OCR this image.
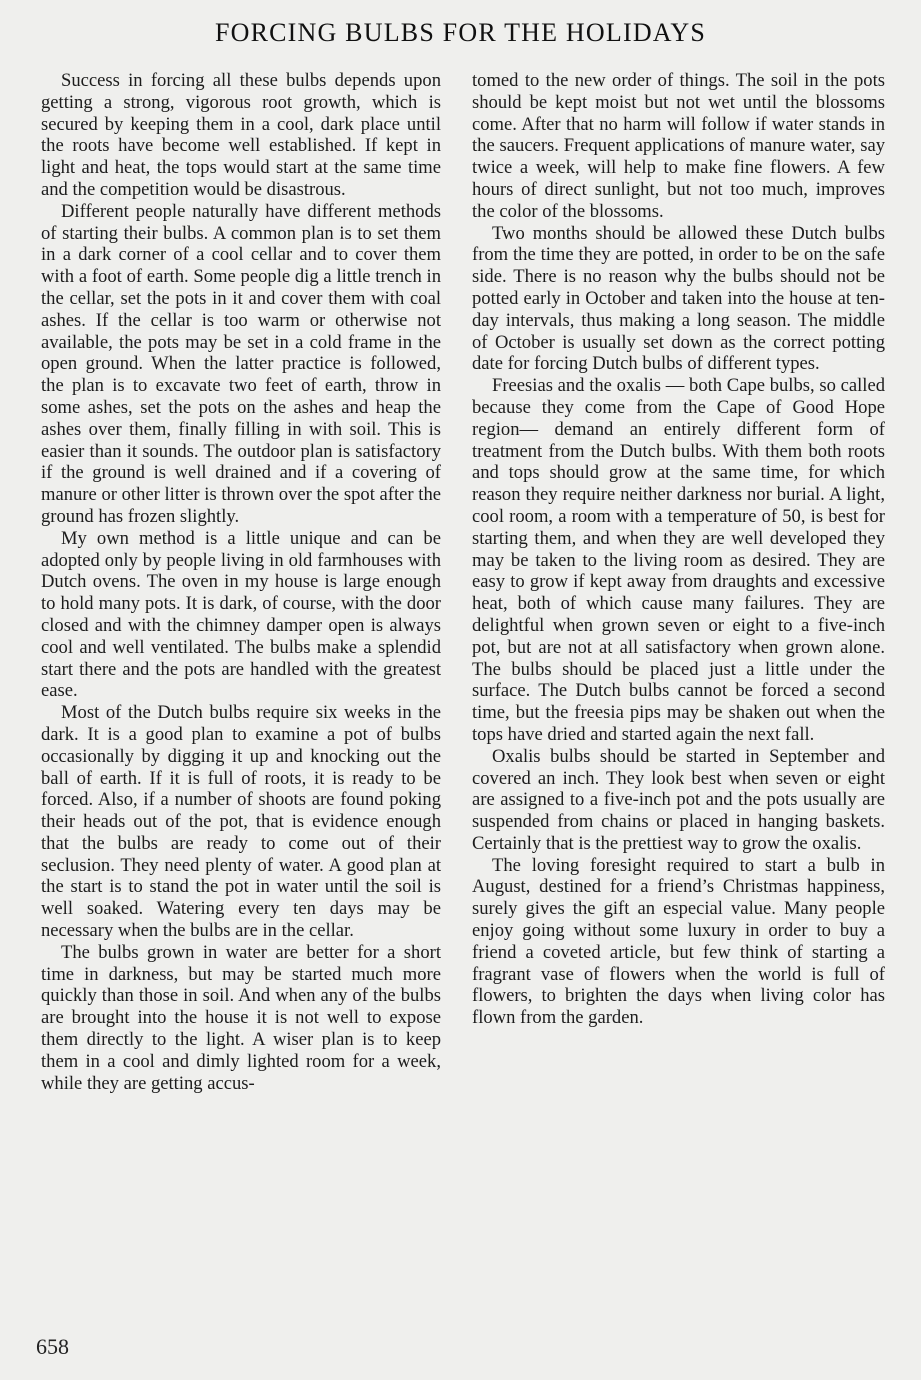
FORCING BULBS FOR THE HOLIDAYS

Success in forcing all these bulbs depends upon getting a strong, vigorous root growth, which is secured by keeping them in a cool, dark place until the roots have become well established. If kept in light and heat, the tops would start at the same time and the competition would be disastrous.

Different people naturally have different methods of starting their bulbs. A common plan is to set them in a dark corner of a cool cellar and to cover them with a foot of earth. Some people dig a little trench in the cellar, set the pots in it and cover them with coal ashes. If the cellar is too warm or otherwise not available, the pots may be set in a cold frame in the open ground. When the latter practice is followed, the plan is to excavate two feet of earth, throw in some ashes, set the pots on the ashes and heap the ashes over them, finally filling in with soil. This is easier than it sounds. The outdoor plan is satisfactory if the ground is well drained and if a covering of manure or other litter is thrown over the spot after the ground has frozen slightly.

My own method is a little unique and can be adopted only by people living in old farmhouses with Dutch ovens. The oven in my house is large enough to hold many pots. It is dark, of course, with the door closed and with the chimney damper open is always cool and well ventilated. The bulbs make a splendid start there and the pots are handled with the greatest ease.

Most of the Dutch bulbs require six weeks in the dark. It is a good plan to examine a pot of bulbs occasionally by digging it up and knocking out the ball of earth. If it is full of roots, it is ready to be forced. Also, if a number of shoots are found poking their heads out of the pot, that is evidence enough that the bulbs are ready to come out of their seclusion. They need plenty of water. A good plan at the start is to stand the pot in water until the soil is well soaked. Watering every ten days may be necessary when the bulbs are in the cellar.

The bulbs grown in water are better for a short time in darkness, but may be started much more quickly than those in soil. And when any of the bulbs are brought into the house it is not well to expose them directly to the light. A wiser plan is to keep them in a cool and dimly lighted room for a week, while they are getting accus-

tomed to the new order of things. The soil in the pots should be kept moist but not wet until the blossoms come. After that no harm will follow if water stands in the saucers. Frequent applications of manure water, say twice a week, will help to make fine flowers. A few hours of direct sunlight, but not too much, improves the color of the blossoms.

Two months should be allowed these Dutch bulbs from the time they are potted, in order to be on the safe side. There is no reason why the bulbs should not be potted early in October and taken into the house at ten-day intervals, thus making a long season. The middle of October is usually set down as the correct potting date for forcing Dutch bulbs of different types.

Freesias and the oxalis — both Cape bulbs, so called because they come from the Cape of Good Hope region— demand an entirely different form of treatment from the Dutch bulbs. With them both roots and tops should grow at the same time, for which reason they require neither darkness nor burial. A light, cool room, a room with a temperature of 50, is best for starting them, and when they are well developed they may be taken to the living room as desired. They are easy to grow if kept away from draughts and excessive heat, both of which cause many failures. They are delightful when grown seven or eight to a five-inch pot, but are not at all satisfactory when grown alone. The bulbs should be placed just a little under the surface. The Dutch bulbs cannot be forced a second time, but the freesia pips may be shaken out when the tops have dried and started again the next fall.

Oxalis bulbs should be started in September and covered an inch. They look best when seven or eight are assigned to a five-inch pot and the pots usually are suspended from chains or placed in hanging baskets. Certainly that is the prettiest way to grow the oxalis.

The loving foresight required to start a bulb in August, destined for a friend’s Christmas happiness, surely gives the gift an especial value. Many people enjoy going without some luxury in order to buy a friend a coveted article, but few think of starting a fragrant vase of flowers when the world is full of flowers, to brighten the days when living color has flown from the garden.

658
